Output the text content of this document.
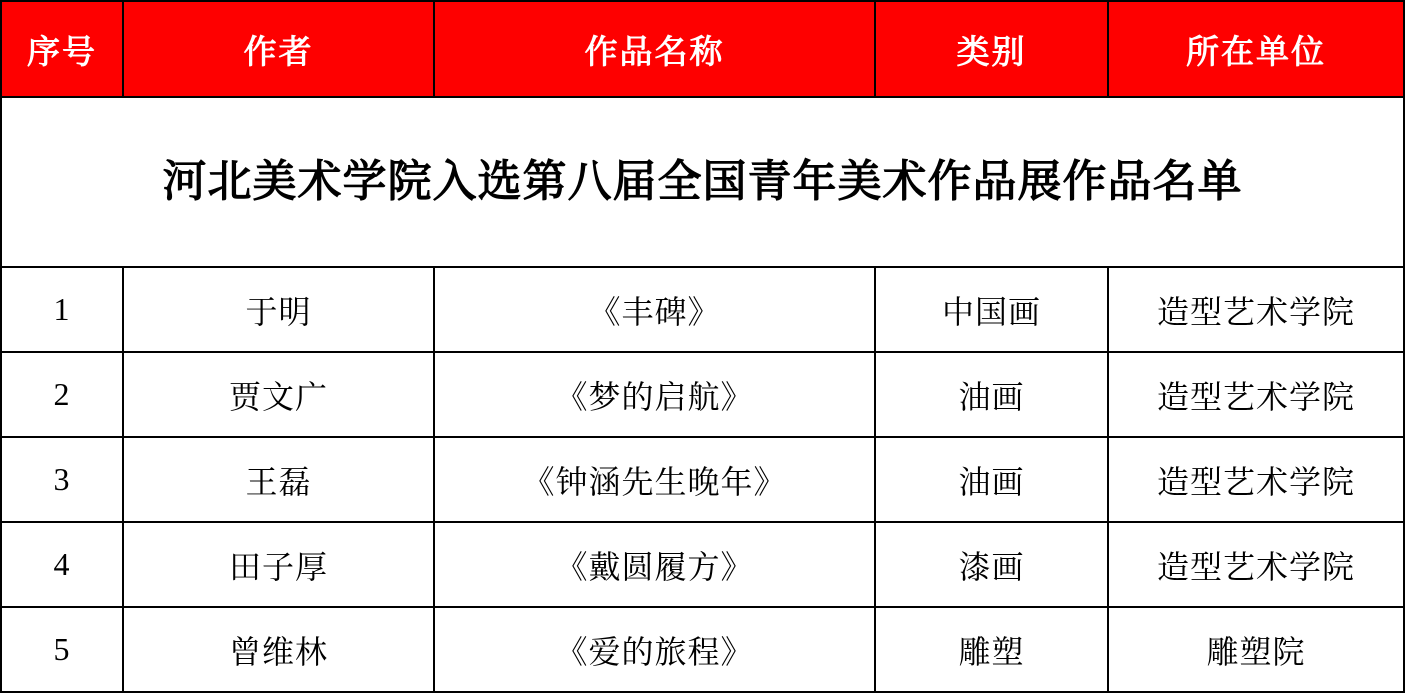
河北美术学院入选第八届全国青年美术作品展作品名单				
序号	作者	作品名称	类别	所在单位
1	于明	《丰碑》	中国画	造型艺术学院
2	贾文广	《梦的启航》	油画	造型艺术学院
3	王磊	《钟涵先生晚年》	油画	造型艺术学院
4	田子厚	《戴圆履方》	漆画	造型艺术学院
5	曾维林	《爱的旅程》	雕塑	雕塑院
